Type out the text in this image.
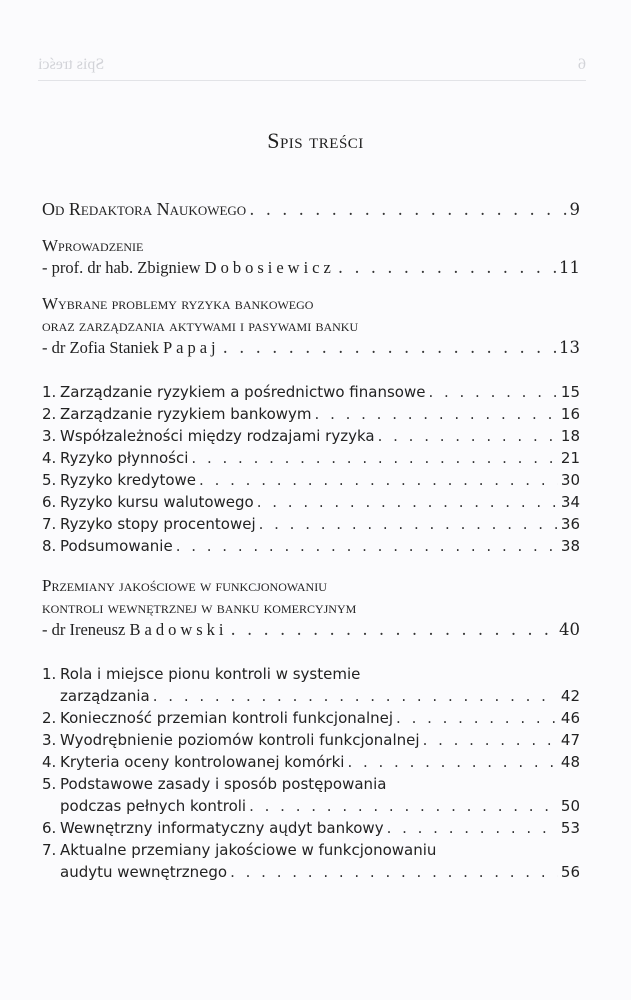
6
Spis treści
Spis treści
Od Redaktora Naukowego . . .	9
Wprowadzenie
- prof. dr hab. Zbigniew Dobosiewicz . . .	11
Wybrane problemy ryzyka bankowego
oraz zarządzania aktywami i pasywami banku
- dr Zofia Staniek Papaj . . .	13
1. Zarządzanie ryzykiem a pośrednictwo finansowe . . .	15
2. Zarządzanie ryzykiem bankowym . . .	16
3. Współzależności między rodzajami ryzyka . . .	18
4. Ryzyko płynności . . .	21
5. Ryzyko kredytowe . . .	30
6. Ryzyko kursu walutowego . . .	34
7. Ryzyko stopy procentowej . . .	36
8. Podsumowanie . . .	38
Przemiany jakościowe w funkcjonowaniu
kontroli wewnętrznej w banku komercyjnym
- dr Ireneusz Badowski . . .	40
1. Rola i miejsce pionu kontroli w systemie
zarządzania . . .	42
2. Konieczność przemian kontroli funkcjonalnej . . .	46
3. Wyodrębnienie poziomów kontroli funkcjonalnej . . .	47
4. Kryteria oceny kontrolowanej komórki . . .	48
5. Podstawowe zasady i sposób postępowania
podczas pełnych kontroli . . .	50
6. Wewnętrzny informatyczny aųdyt bankowy . . .	53
7. Aktualne przemiany jakościowe w funkcjonowaniu
audytu wewnętrznego . . .	56
